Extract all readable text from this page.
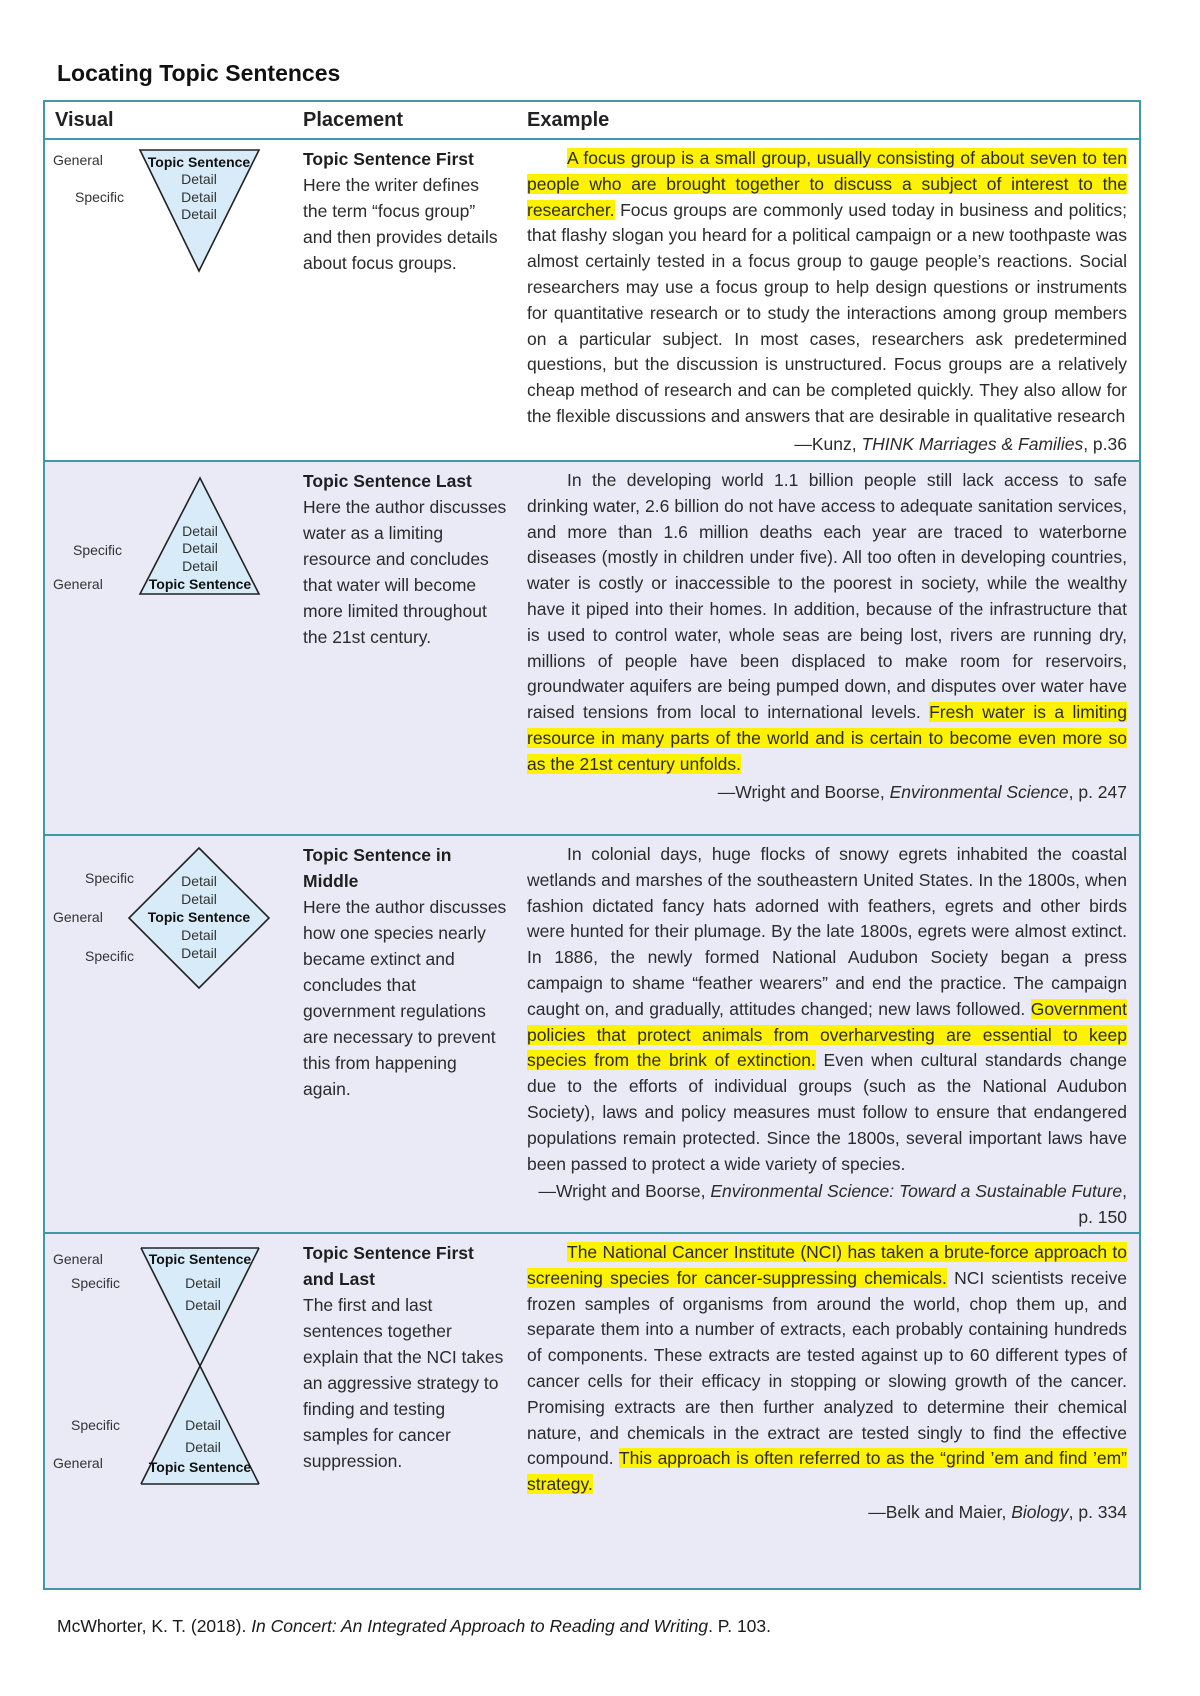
Locating Topic Sentences
Visual	Placement	Example
General
Specific
Topic Sentence
Detail
Detail
Detail
Topic Sentence First
Here the writer defines the term “focus group” and then provides details about focus groups.

A focus group is a small group, usually consisting of about seven to ten people who are brought together to discuss a subject of interest to the researcher. Focus groups are commonly used today in business and politics; that flashy slogan you heard for a political campaign or a new toothpaste was almost certainly tested in a focus group to gauge people’s reactions. Social researchers may use a focus group to help design questions or instruments for quantitative research or to study the interactions among group members on a particular subject. In most cases, researchers ask predetermined questions, but the discussion is unstructured. Focus groups are a relatively cheap method of research and can be completed quickly. They also allow for the flexible discussions and answers that are desirable in qualitative research

—Kunz, THINK Marriages & Families, p.36
Specific
General
Detail
Detail
Detail
Topic Sentence
Topic Sentence Last
Here the author discusses water as a limiting resource and concludes that water will become more limited throughout the 21st century.

In the developing world 1.1 billion people still lack access to safe drinking water, 2.6 billion do not have access to adequate sanitation services, and more than 1.6 million deaths each year are traced to waterborne diseases (mostly in children under five). All too often in developing countries, water is costly or inaccessible to the poorest in society, while the wealthy have it piped into their homes. In addition, because of the infrastructure that is used to control water, whole seas are being lost, rivers are running dry, millions of people have been displaced to make room for reservoirs, groundwater aquifers are being pumped down, and disputes over water have raised tensions from local to international levels. Fresh water is a limiting resource in many parts of the world and is certain to become even more so as the 21st century unfolds.

—Wright and Boorse, Environmental Science, p. 247
Specific
General
Specific
Detail
Detail
Topic Sentence
Detail
Detail
Topic Sentence in Middle
Here the author discusses how one species nearly became extinct and concludes that government regulations are necessary to prevent this from happening again.

In colonial days, huge flocks of snowy egrets inhabited the coastal wetlands and marshes of the southeastern United States. In the 1800s, when fashion dictated fancy hats adorned with feathers, egrets and other birds were hunted for their plumage. By the late 1800s, egrets were almost extinct. In 1886, the newly formed National Audubon Society began a press campaign to shame “feather wearers” and end the practice. The campaign caught on, and gradually, attitudes changed; new laws followed. Government policies that protect animals from overharvesting are essential to keep species from the brink of extinction. Even when cultural standards change due to the efforts of individual groups (such as the National Audubon Society), laws and policy measures must follow to ensure that endangered populations remain protected. Since the 1800s, several important laws have been passed to protect a wide variety of species.

—Wright and Boorse, Environmental Science: Toward a Sustainable Future, p. 150
General
Specific
Specific
General
Topic Sentence
Detail
Detail
Detail
Detail
Topic Sentence
Topic Sentence First and Last
The first and last sentences together explain that the NCI takes an aggressive strategy to finding and testing samples for cancer suppression.

The National Cancer Institute (NCI) has taken a brute-force approach to screening species for cancer-suppressing chemicals. NCI scientists receive frozen samples of organisms from around the world, chop them up, and separate them into a number of extracts, each probably containing hundreds of components. These extracts are tested against up to 60 different types of cancer cells for their efficacy in stopping or slowing growth of the cancer. Promising extracts are then further analyzed to determine their chemical nature, and chemicals in the extract are tested singly to find the effective compound. This approach is often referred to as the “grind ’em and find ’em” strategy.

—Belk and Maier, Biology, p. 334
McWhorter, K. T. (2018). In Concert: An Integrated Approach to Reading and Writing. P. 103.
